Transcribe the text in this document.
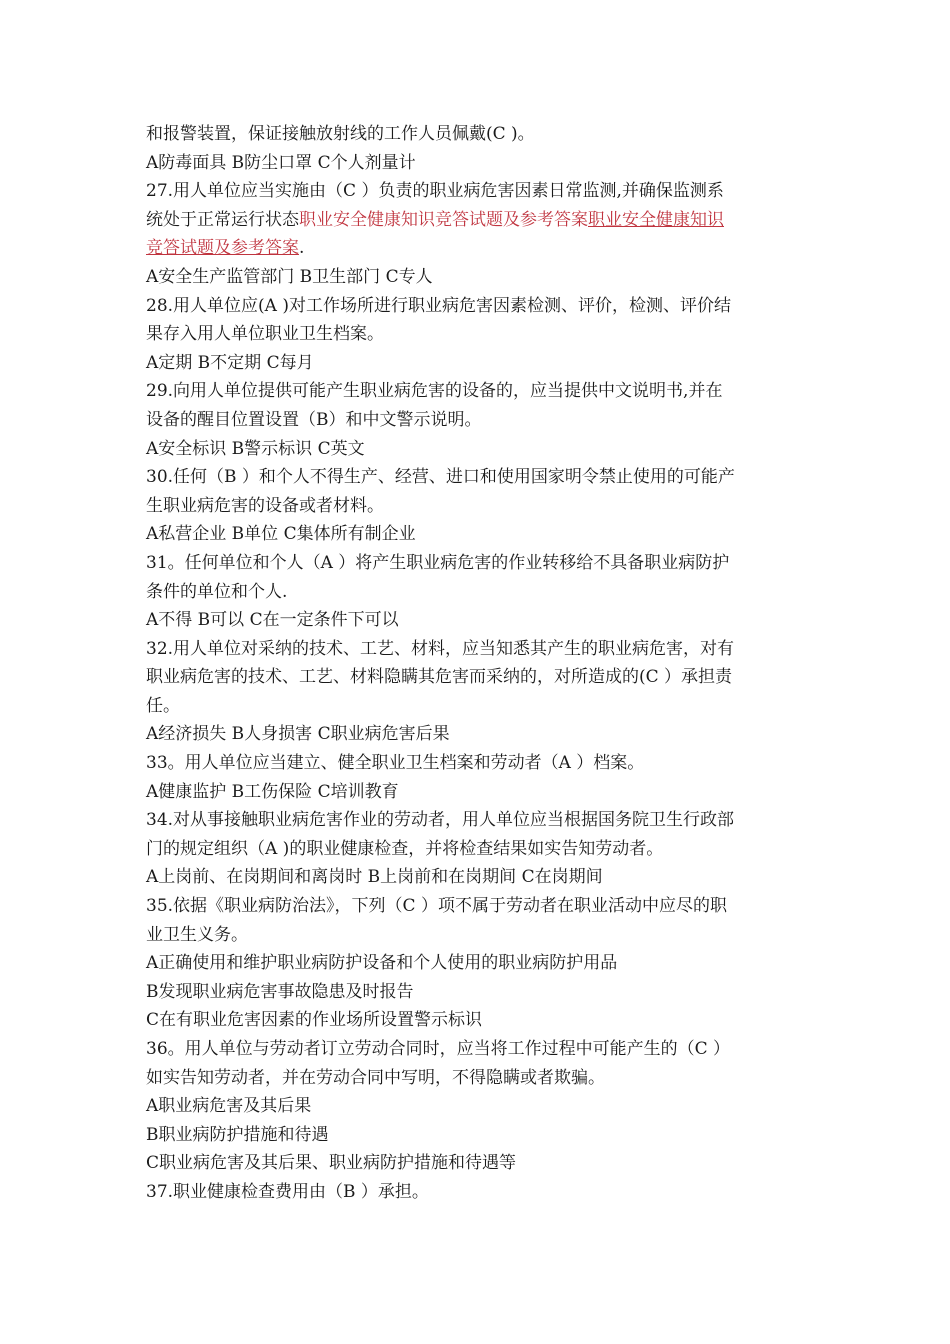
和报警装置，保证接触放射线的工作人员佩戴(C )。
A防毒面具 B防尘口罩 C个人剂量计
27.用人单位应当实施由（C ）负责的职业病危害因素日常监测,并确保监测系
统处于正常运行状态职业安全健康知识竞答试题及参考答案职业安全健康知识
竞答试题及参考答案.
A安全生产监管部门 B卫生部门 C专人
28.用人单位应(A )对工作场所进行职业病危害因素检测、评价，检测、评价结
果存入用人单位职业卫生档案。
A定期 B不定期 C每月
29.向用人单位提供可能产生职业病危害的设备的，应当提供中文说明书,并在
设备的醒目位置设置（B）和中文警示说明。
A安全标识 B警示标识 C英文
30.任何（B ）和个人不得生产、经营、进口和使用国家明令禁止使用的可能产
生职业病危害的设备或者材料。
A私营企业 B单位 C集体所有制企业
31。任何单位和个人（A ）将产生职业病危害的作业转移给不具备职业病防护
条件的单位和个人.
A不得 B可以 C在一定条件下可以
32.用人单位对采纳的技术、工艺、材料，应当知悉其产生的职业病危害，对有
职业病危害的技术、工艺、材料隐瞒其危害而采纳的，对所造成的(C ）承担责
任。
A经济损失 B人身损害 C职业病危害后果
33。用人单位应当建立、健全职业卫生档案和劳动者（A ）档案。
A健康监护 B工伤保险 C培训教育
34.对从事接触职业病危害作业的劳动者，用人单位应当根据国务院卫生行政部
门的规定组织（A )的职业健康检查，并将检查结果如实告知劳动者。
A上岗前、在岗期间和离岗时 B上岗前和在岗期间 C在岗期间
35.依据《职业病防治法》，下列（C ）项不属于劳动者在职业活动中应尽的职
业卫生义务。
A正确使用和维护职业病防护设备和个人使用的职业病防护用品
B发现职业病危害事故隐患及时报告
C在有职业危害因素的作业场所设置警示标识
36。用人单位与劳动者订立劳动合同时，应当将工作过程中可能产生的（C ）
如实告知劳动者，并在劳动合同中写明，不得隐瞒或者欺骗。
A职业病危害及其后果
B职业病防护措施和待遇
C职业病危害及其后果、职业病防护措施和待遇等
37.职业健康检查费用由（B ）承担。
